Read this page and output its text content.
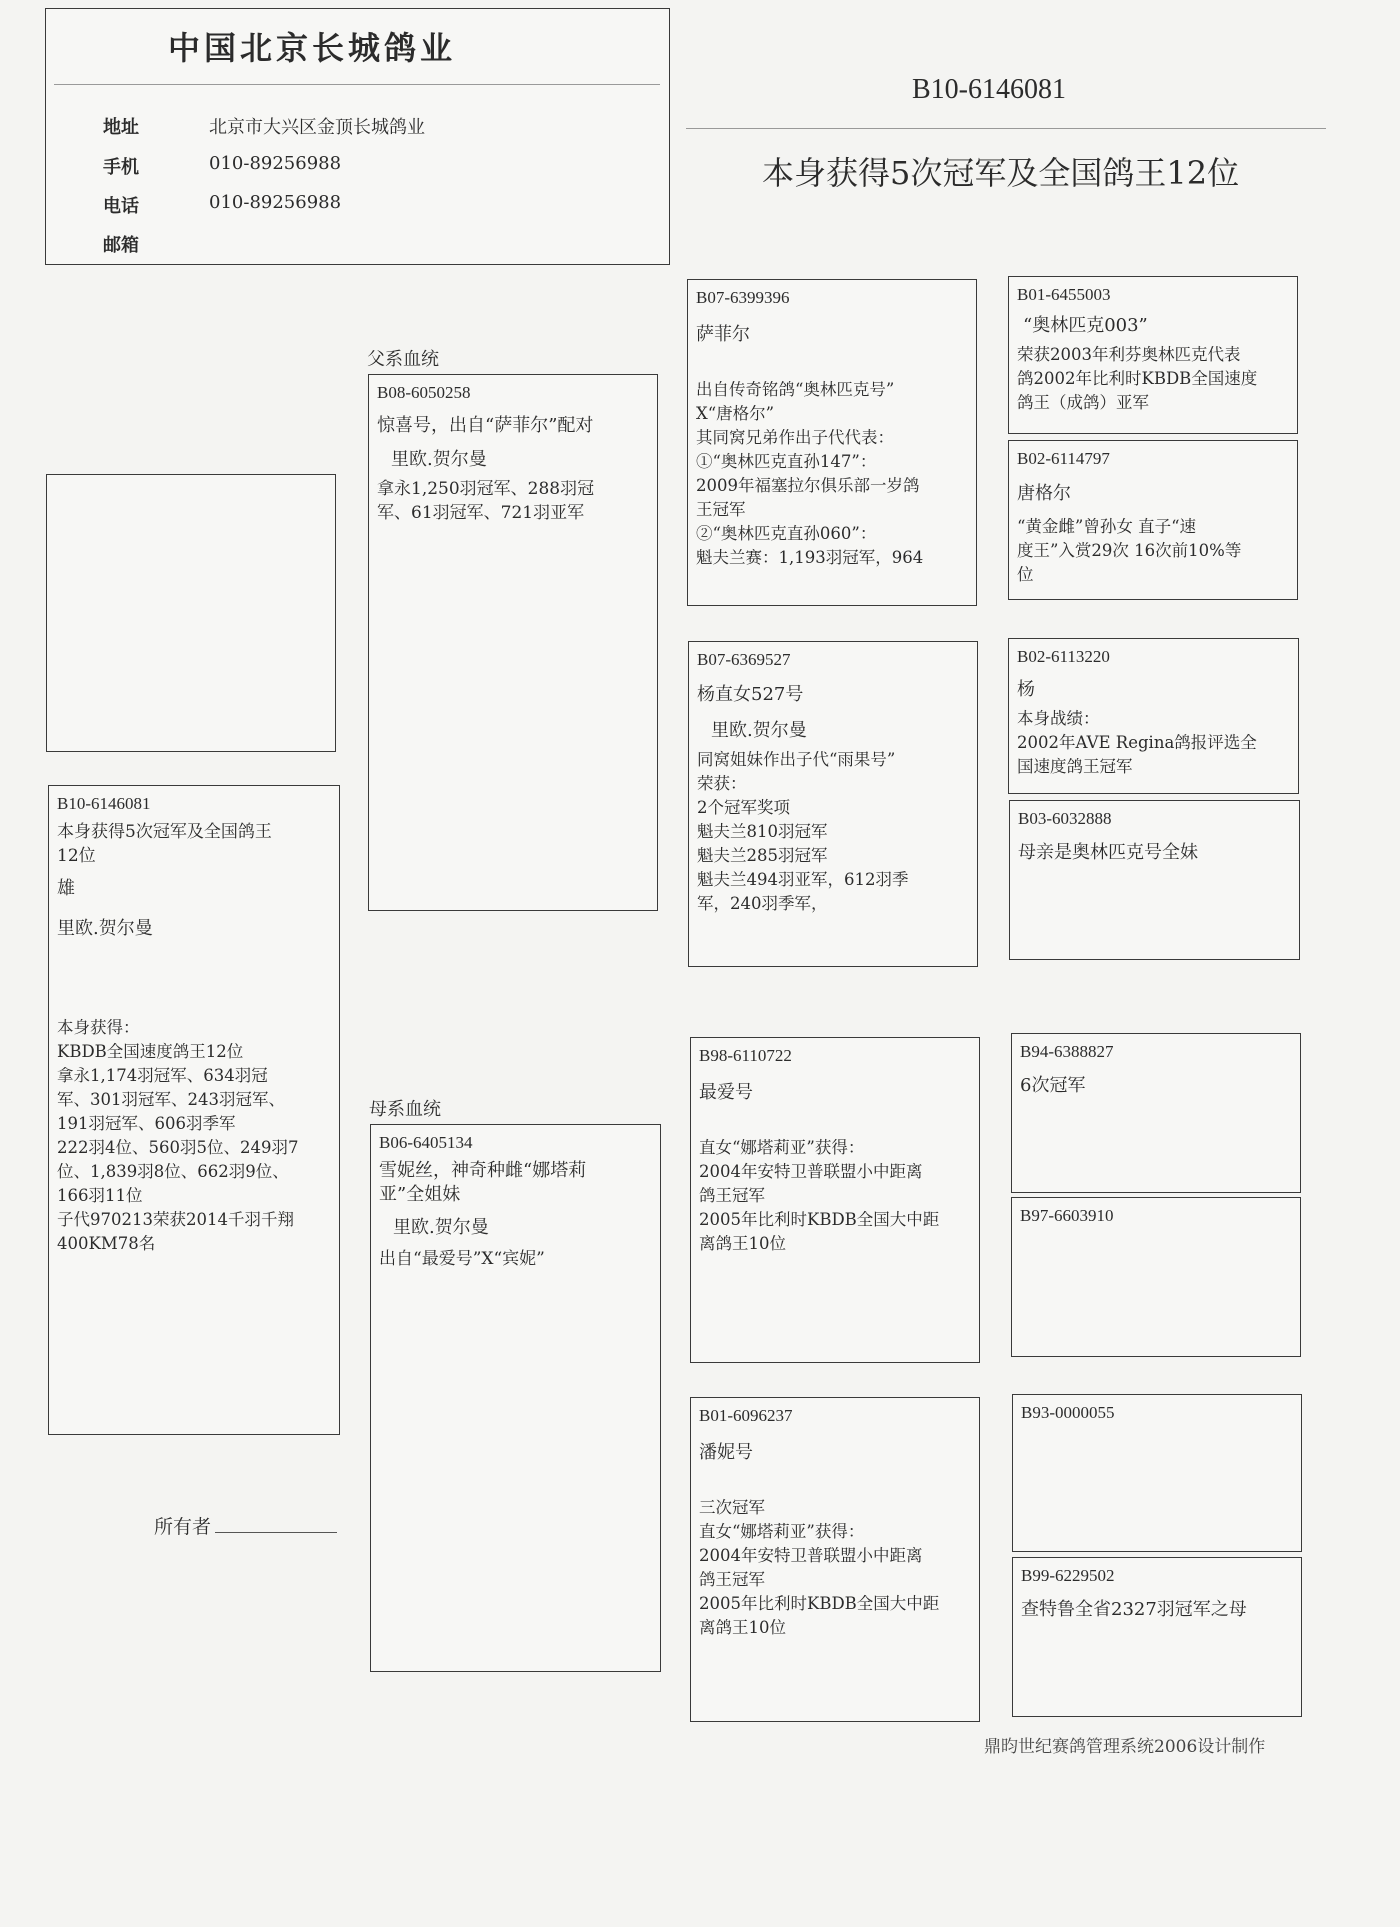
中国北京长城鸽业
地址	北京市大兴区金顶长城鸽业
手机	010-89256988
电话	010-89256988
邮箱
B10-6146081
本身获得5次冠军及全国鸽王12位
B10-6146081
本身获得5次冠军及全国鸽王
12位
雄
里欧.贺尔曼
本身获得：
KBDB全国速度鸽王12位
拿永1,174羽冠军、634羽冠
军、301羽冠军、243羽冠军、
191羽冠军、606羽季军
222羽4位、560羽5位、249羽7
位、1,839羽8位、662羽9位、
166羽11位
子代970213荣获2014千羽千翔
400KM78名
所有者
父系血统
B08-6050258
惊喜号，出自“萨菲尔”配对
里欧.贺尔曼
拿永1,250羽冠军、288羽冠
军、61羽冠军、721羽亚军
母系血统
B06-6405134
雪妮丝，神奇种雌“娜塔莉
亚”全姐妹
里欧.贺尔曼
出自“最爱号”X“宾妮”
B07-6399396
萨菲尔
出自传奇铭鸽“奥林匹克号”
X“唐格尔”
其同窝兄弟作出子代代表：
①“奥林匹克直孙147”：
2009年福塞拉尔俱乐部一岁鸽
王冠军
②“奥林匹克直孙060”：
魁夫兰赛：1,193羽冠军，964
B07-6369527
杨直女527号
里欧.贺尔曼
同窝姐妹作出子代“雨果号”
荣获：
2个冠军奖项
魁夫兰810羽冠军
魁夫兰285羽冠军
魁夫兰494羽亚军，612羽季
军，240羽季军，
B98-6110722
最爱号
直女“娜塔莉亚”获得：
2004年安特卫普联盟小中距离
鸽王冠军
2005年比利时KBDB全国大中距
离鸽王10位
B01-6096237
潘妮号
三次冠军
直女“娜塔莉亚”获得：
2004年安特卫普联盟小中距离
鸽王冠军
2005年比利时KBDB全国大中距
离鸽王10位
B01-6455003
“奥林匹克003”
荣获2003年利芬奥林匹克代表
鸽2002年比利时KBDB全国速度
鸽王（成鸽）亚军
B02-6114797
唐格尔
“黄金雌”曾孙女 直子“速
度王”入赏29次 16次前10%等
位
B02-6113220
杨
本身战绩：
2002年AVE Regina鸽报评选全
国速度鸽王冠军
B03-6032888
母亲是奥林匹克号全妹
B94-6388827
6次冠军
B97-6603910
B93-0000055
B99-6229502
查特鲁全省2327羽冠军之母
鼎昀世纪赛鸽管理系统2006设计制作
